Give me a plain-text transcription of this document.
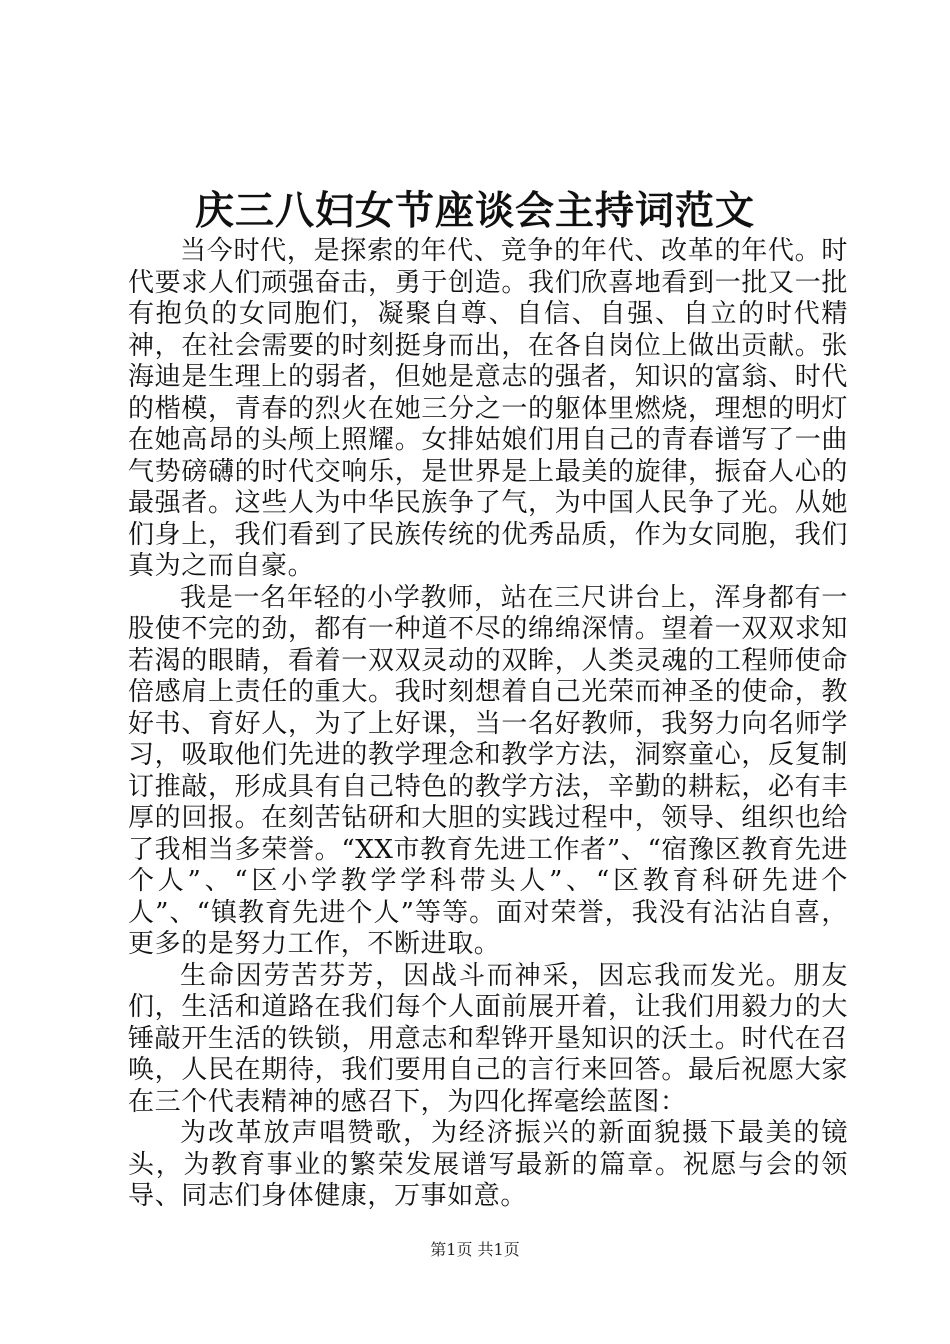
庆三八妇女节座谈会主持词范文

当今时代，是探索的年代、竞争的年代、改革的年代。时代要求人们顽强奋击，勇于创造。我们欣喜地看到一批又一批有抱负的女同胞们，凝聚自尊、自信、自强、自立的时代精神，在社会需要的时刻挺身而出，在各自岗位上做出贡献。张海迪是生理上的弱者，但她是意志的强者，知识的富翁、时代的楷模，青春的烈火在她三分之一的躯体里燃烧，理想的明灯在她高昂的头颅上照耀。女排姑娘们用自己的青春谱写了一曲气势磅礴的时代交响乐，是世界是上最美的旋律，振奋人心的最强者。这些人为中华民族争了气，为中国人民争了光。从她们身上，我们看到了民族传统的优秀品质，作为女同胞，我们真为之而自豪。

我是一名年轻的小学教师，站在三尺讲台上，浑身都有一股使不完的劲，都有一种道不尽的绵绵深情。望着一双双求知若渴的眼睛，看着一双双灵动的双眸，人类灵魂的工程师使命倍感肩上责任的重大。我时刻想着自己光荣而神圣的使命，教好书、育好人，为了上好课，当一名好教师，我努力向名师学习，吸取他们先进的教学理念和教学方法，洞察童心，反复制订推敲，形成具有自己特色的教学方法，辛勤的耕耘，必有丰厚的回报。在刻苦钻研和大胆的实践过程中，领导、组织也给了我相当多荣誉。“XX市教育先进工作者”、“宿豫区教育先进个人”、“区小学教学学科带头人”、“区教育科研先进个人”、“镇教育先进个人”等等。面对荣誉，我没有沾沾自喜，更多的是努力工作，不断进取。

生命因劳苦芬芳，因战斗而神采，因忘我而发光。朋友们，生活和道路在我们每个人面前展开着，让我们用毅力的大锤敲开生活的铁锁，用意志和犁铧开垦知识的沃土。时代在召唤，人民在期待，我们要用自己的言行来回答。最后祝愿大家在三个代表精神的感召下，为四化挥毫绘蓝图：

为改革放声唱赞歌，为经济振兴的新面貌摄下最美的镜头，为教育事业的繁荣发展谱写最新的篇章。祝愿与会的领导、同志们身体健康，万事如意。

第1页 共1页
